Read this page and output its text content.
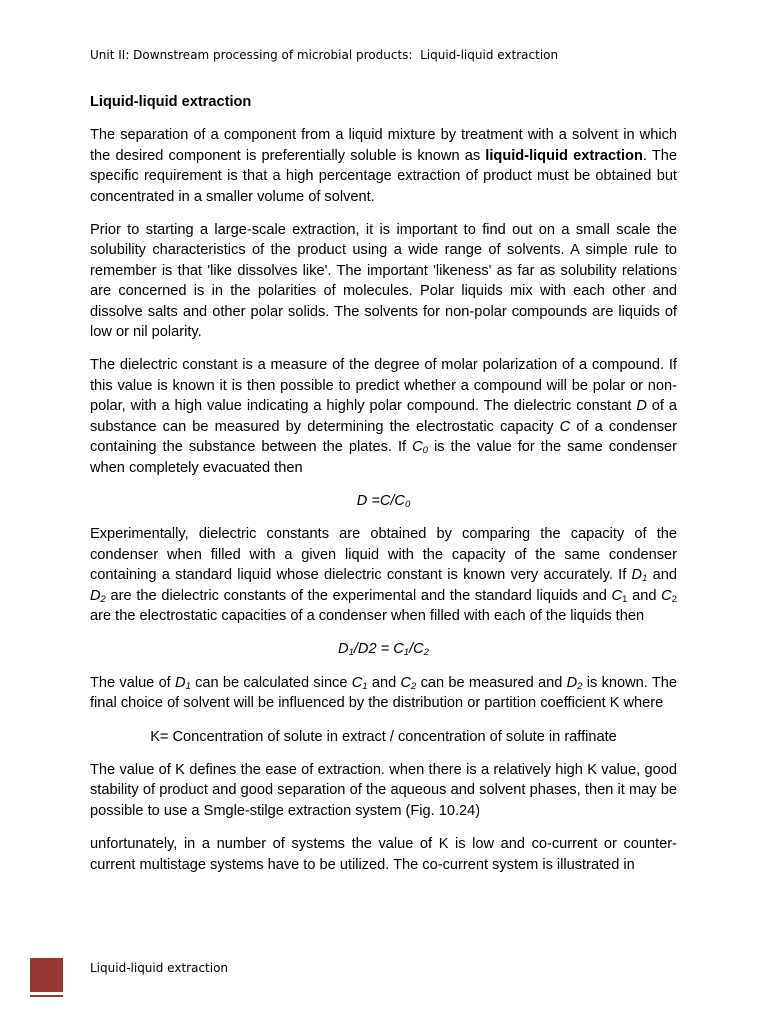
Unit II: Downstream processing of microbial products:  Liquid-liquid extraction
Liquid-liquid extraction

The separation of a component from a liquid mixture by treatment with a solvent in which the desired component is preferentially soluble is known as liquid-liquid extraction. The specific requirement is that a high percentage extraction of product must be obtained but concentrated in a smaller volume of solvent.

Prior to starting a large-scale extraction, it is important to find out on a small scale the solubility characteristics of the product using a wide range of solvents. A simple rule to remember is that 'like dissolves like'. The important 'likeness' as far as solubility relations are concerned is in the polarities of molecules. Polar liquids mix with each other and dissolve salts and other polar solids. The solvents for non-polar compounds are liquids of low or nil polarity.

The dielectric constant is a measure of the degree of molar polarization of a compound. If this value is known it is then possible to predict whether a compound will be polar or non-polar, with a high value indicating a highly polar compound. The dielectric constant D of a substance can be measured by determining the electrostatic capacity C of a condenser containing the substance between the plates. If $C_0$ is the value for the same condenser when completely evacuated then

$D =C/C_0$

Experimentally, dielectric constants are obtained by comparing the capacity of the condenser when filled with a given liquid with the capacity of the same condenser containing a standard liquid whose dielectric constant is known very accurately. If $D_1$ and $D_2$ are the dielectric constants of the experimental and the standard liquids and $C_1$ and $C_2$ are the electrostatic capacities of a condenser when filled with each of the liquids then

$D_1/D2 = C_1/C_2$

The value of $D_1$ can be calculated since $C_1$ and $C_2$ can be measured and $D_2$ is known. The final choice of solvent will be influenced by the distribution or partition coefficient K where

K= Concentration of solute in extract / concentration of solute in raffinate

The value of K defines the ease of extraction. when there is a relatively high K value, good stability of product and good separation of the aqueous and solvent phases, then it may be possible to use a Smgle-stilge extraction system (Fig. 10.24)

unfortunately, in a number of systems the value of K is low and co-current or counter-current multistage systems have to be utilized. The co-current system is illustrated in

Liquid-liquid extraction
